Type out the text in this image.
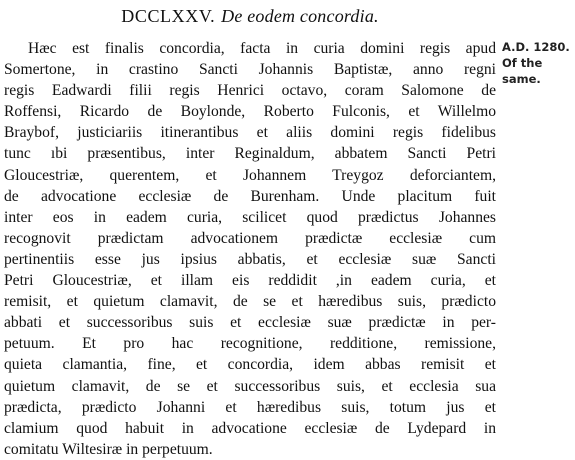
DCCLXXV. De eodem concordia.
Hæc est finalis concordia, facta in curia domini regis apud
Somertone, in crastino Sancti Johannis Baptistæ, anno regni
regis Eadwardi filii regis Henrici octavo, coram Salomone de
Roffensi, Ricardo de Boylonde, Roberto Fulconis, et Willelmo
Braybof, justiciariis itinerantibus et aliis domini regis fidelibus
tunc ıbi præsentibus, inter Reginaldum, abbatem Sancti Petri
Gloucestriæ, querentem, et Johannem Treygoz deforciantem,
de advocatione ecclesiæ de Burenham. Unde placitum fuit
inter eos in eadem curia, scilicet quod prædictus Johannes
recognovit prædictam advocationem prædictæ ecclesiæ cum
pertinentiis esse jus ipsius abbatis, et ecclesiæ suæ Sancti
Petri Gloucestriæ, et illam eis reddidit ,in eadem curia, et
remisit, et quietum clamavit, de se et hæredibus suis, prædicto
abbati et successoribus suis et ecclesiæ suæ prædictæ in per-
petuum. Et pro hac recognitione, redditione, remissione,
quieta clamantia, fine, et concordia, idem abbas remisit et
quietum clamavit, de se et successoribus suis, et ecclesia sua
prædicta, prædicto Johanni et hæredibus suis, totum jus et
clamium quod habuit in advocatione ecclesiæ de Lydepard in
comitatu Wiltesiræ in perpetuum.
A.D. 1280.
Of the
same.
